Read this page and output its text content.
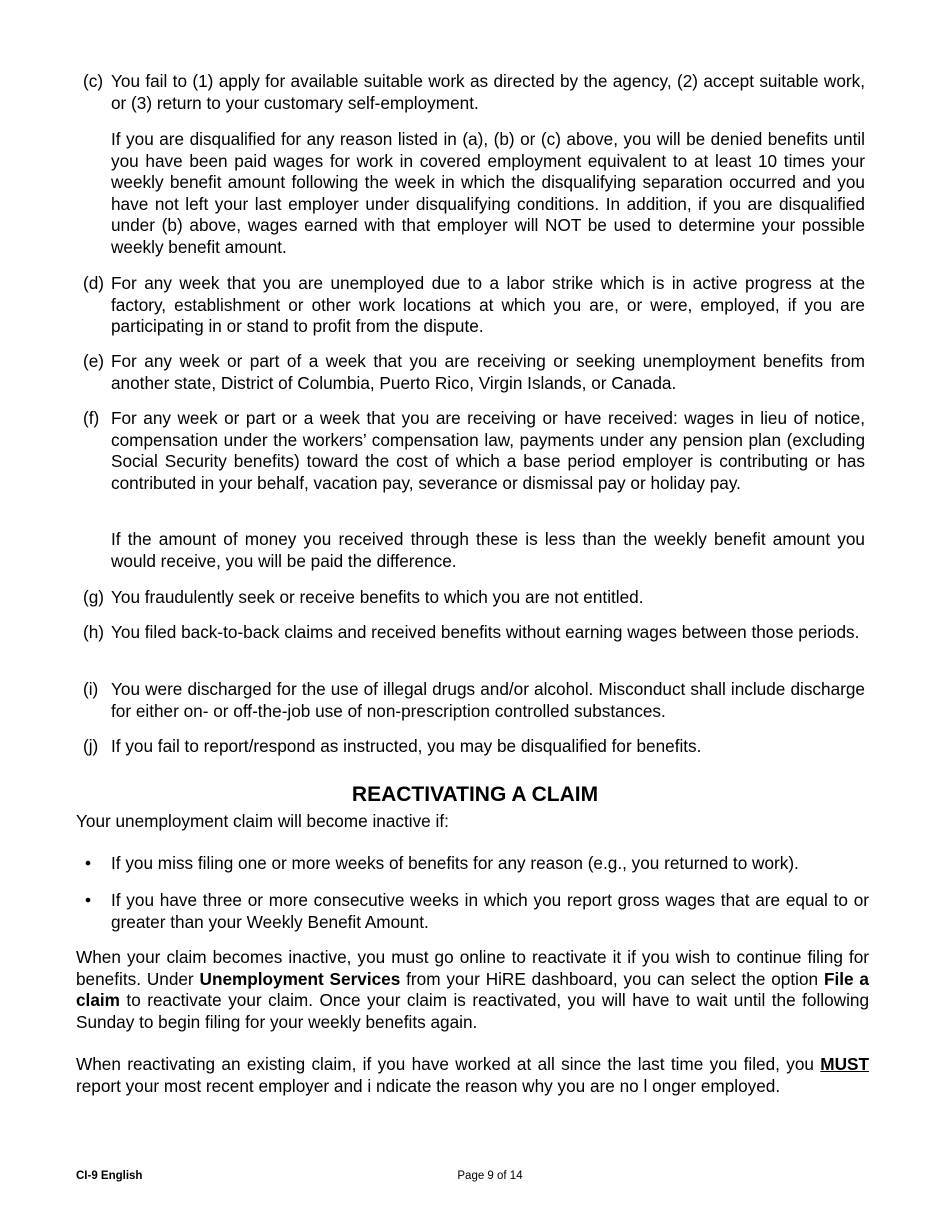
(c) You fail to (1) apply for available suitable work as directed by the agency, (2) accept suitable work, or (3) return to your customary self-employment.
If you are disqualified for any reason listed in (a), (b) or (c) above, you will be denied benefits until you have been paid wages for work in covered employment equivalent to at least 10 times your weekly benefit amount following the week in which the disqualifying separation occurred and you have not left your last employer under disqualifying conditions. In addition, if you are disqualified under (b) above, wages earned with that employer will NOT be used to determine your possible weekly benefit amount.
(d) For any week that you are unemployed due to a labor strike which is in active progress at the factory, establishment or other work locations at which you are, or were, employed, if you are participating in or stand to profit from the dispute.
(e) For any week or part of a week that you are receiving or seeking unemployment benefits from another state, District of Columbia, Puerto Rico, Virgin Islands, or Canada.
(f) For any week or part or a week that you are receiving or have received: wages in lieu of notice, compensation under the workers’ compensation law, payments under any pension plan (excluding Social Security benefits) toward the cost of which a base period employer is contributing or has contributed in your behalf, vacation pay, severance or dismissal pay or holiday pay.
If the amount of money you received through these is less than the weekly benefit amount you would receive, you will be paid the difference.
(g) You fraudulently seek or receive benefits to which you are not entitled.
(h) You filed back-to-back claims and received benefits without earning wages between those periods.
(i) You were discharged for the use of illegal drugs and/or alcohol. Misconduct shall include discharge for either on- or off-the-job use of non-prescription controlled substances.
(j) If you fail to report/respond as instructed, you may be disqualified for benefits.
REACTIVATING A CLAIM
Your unemployment claim will become inactive if:
• If you miss filing one or more weeks of benefits for any reason (e.g., you returned to work).
• If you have three or more consecutive weeks in which you report gross wages that are equal to or greater than your Weekly Benefit Amount.
When your claim becomes inactive, you must go online to reactivate it if you wish to continue filing for benefits. Under Unemployment Services from your HiRE dashboard, you can select the option File a claim to reactivate your claim. Once your claim is reactivated, you will have to wait until the following Sunday to begin filing for your weekly benefits again.
When reactivating an existing claim, if you have worked at all since the last time you filed, you MUST report your most recent employer and i ndicate the reason why you are no l onger employed.
CI-9 English	Page 9 of 14
